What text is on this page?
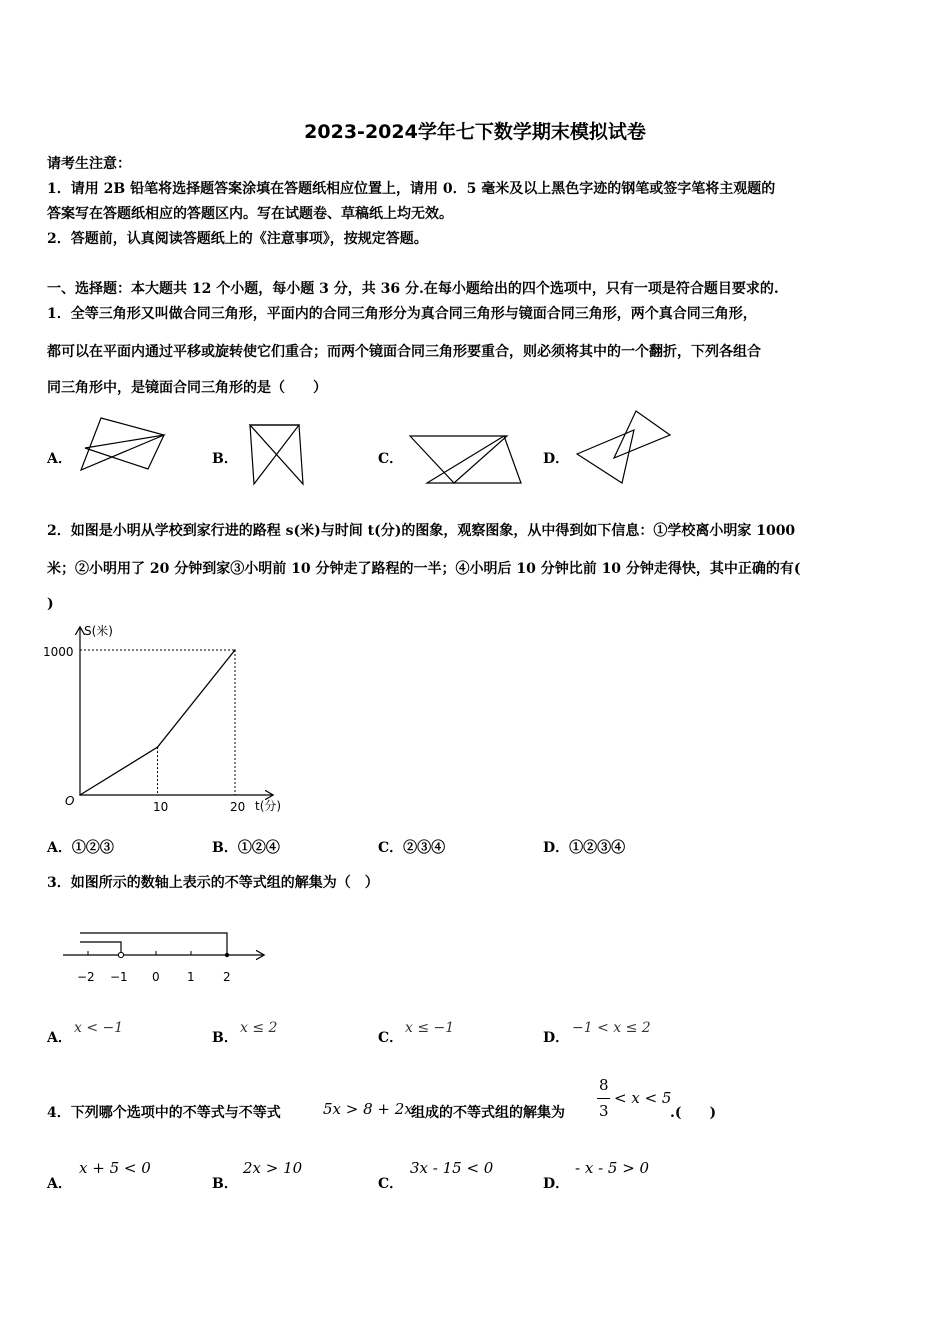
2023-2024学年七下数学期末模拟试卷
请考生注意：
1．请用 2B 铅笔将选择题答案涂填在答题纸相应位置上，请用 0．5 毫米及以上黑色字迹的钢笔或签字笔将主观题的
答案写在答题纸相应的答题区内。写在试题卷、草稿纸上均无效。
2．答题前，认真阅读答题纸上的《注意事项》，按规定答题。
一、选择题：本大题共 12 个小题，每小题 3 分，共 36 分.在每小题给出的四个选项中，只有一项是符合题目要求的.
1．全等三角形又叫做合同三角形，平面内的合同三角形分为真合同三角形与镜面合同三角形，两个真合同三角形，
都可以在平面内通过平移或旋转使它们重合；而两个镜面合同三角形要重合，则必须将其中的一个翻折，下列各组合
同三角形中，是镜面合同三角形的是（　　）
A．	B．	C．	D．
2．如图是小明从学校到家行进的路程 s(米)与时间 t(分)的图象，观察图象，从中得到如下信息：①学校离小明家 1000
米；②小明用了 20 分钟到家③小明前 10 分钟走了路程的一半；④小明后 10 分钟比前 10 分钟走得快，其中正确的有(
)
S(米)
t(分)
O
1000
10	20
A．①②③	B．①②④	C．②③④	D．①②③④
3．如图所示的数轴上表示的不等式组的解集为（　）
−2 −1 0 1 2
A．
x < −1
B．
x ≤ 2
C．
x ≤ −1
D．
−1 < x ≤ 2
4．下列哪个选项中的不等式与不等式	5x > 8 + 2x
组成的不等式组的解集为
8
3
< x < 5
.(　　)
A．
x + 5 < 0
B．
2x > 10
C．
3x - 15 < 0
D．
- x - 5 > 0
